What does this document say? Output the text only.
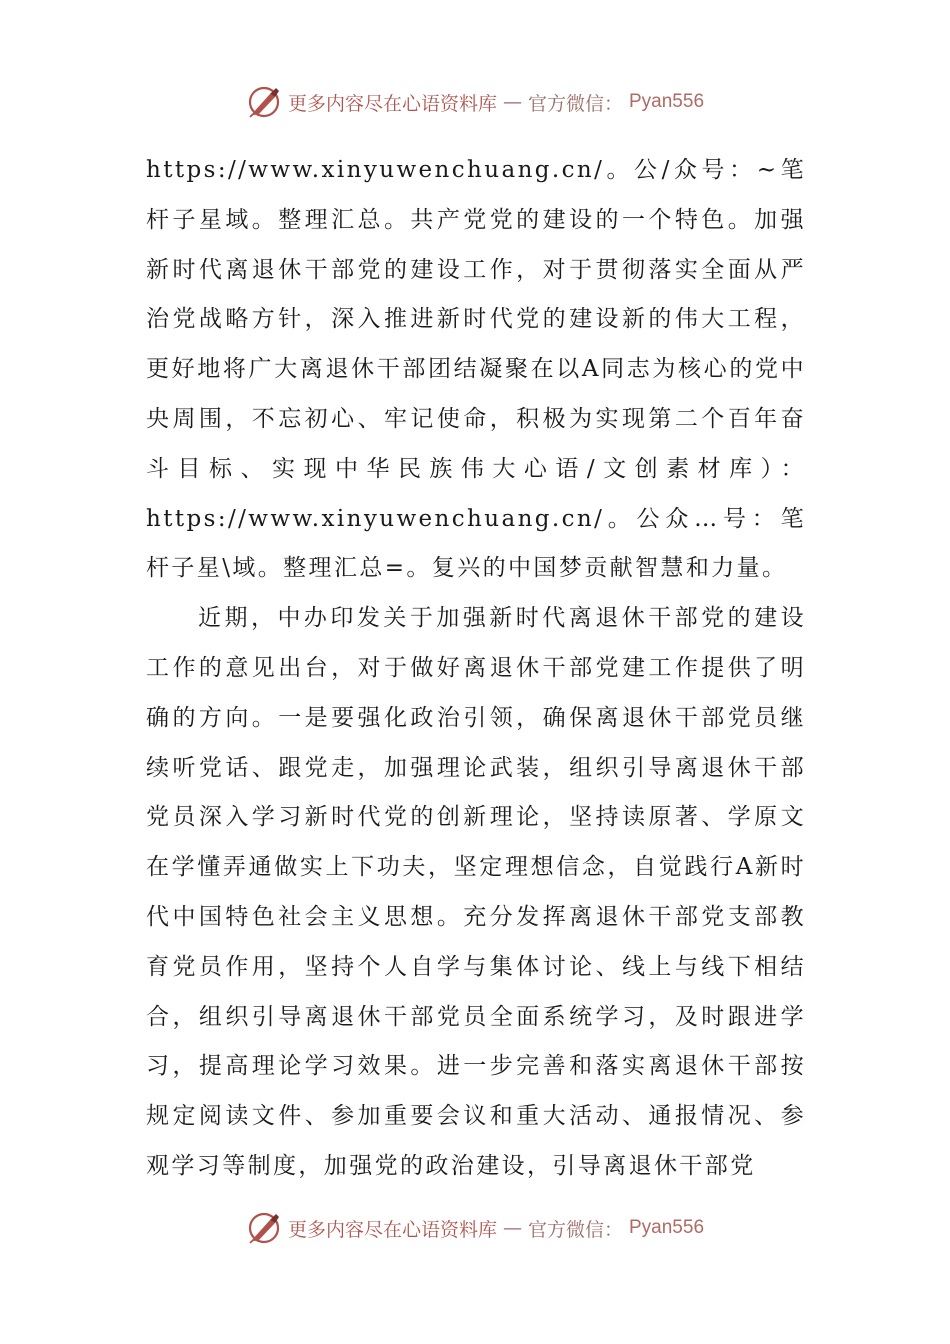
更多内容尽在心语资料库 — 官方微信： Pyan556

https://www.xinyuwenchuang.cn/。公/众号：~笔杆子星域。整理汇总。共产党党的建设的一个特色。加强新时代离退休干部党的建设工作，对于贯彻落实全面从严治党战略方针，深入推进新时代党的建设新的伟大工程，更好地将广大离退休干部团结凝聚在以A同志为核心的党中央周围，不忘初心、牢记使命，积极为实现第二个百年奋斗目标、实现中华民族伟大心语/文创素材库）：https://www.xinyuwenchuang.cn/。公众…号：笔杆子星\域。整理汇总=。复兴的中国梦贡献智慧和力量。

近期，中办印发关于加强新时代离退休干部党的建设工作的意见出台，对于做好离退休干部党建工作提供了明确的方向。一是要强化政治引领，确保离退休干部党员继续听党话、跟党走，加强理论武装，组织引导离退休干部党员深入学习新时代党的创新理论，坚持读原著、学原文在学懂弄通做实上下功夫，坚定理想信念，自觉践行A新时代中国特色社会主义思想。充分发挥离退休干部党支部教育党员作用，坚持个人自学与集体讨论、线上与线下相结合，组织引导离退休干部党员全面系统学习，及时跟进学习，提高理论学习效果。进一步完善和落实离退休干部按规定阅读文件、参加重要会议和重大活动、通报情况、参观学习等制度，加强党的政治建设，引导离退休干部党

更多内容尽在心语资料库 — 官方微信： Pyan556
